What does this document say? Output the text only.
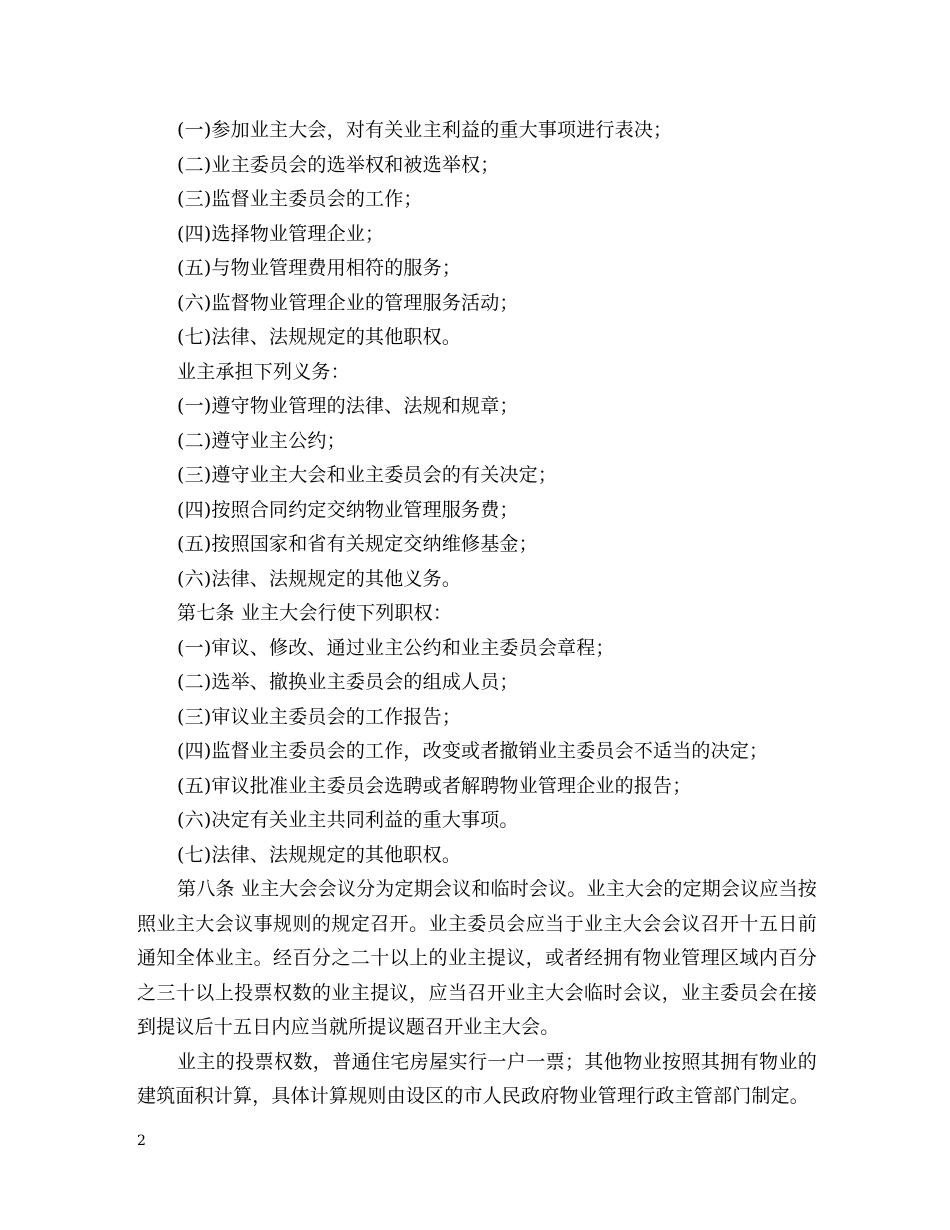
(一)参加业主大会，对有关业主利益的重大事项进行表决；
(二)业主委员会的选举权和被选举权；
(三)监督业主委员会的工作；
(四)选择物业管理企业；
(五)与物业管理费用相符的服务；
(六)监督物业管理企业的管理服务活动；
(七)法律、法规规定的其他职权。
业主承担下列义务：
(一)遵守物业管理的法律、法规和规章；
(二)遵守业主公约；
(三)遵守业主大会和业主委员会的有关决定；
(四)按照合同约定交纳物业管理服务费；
(五)按照国家和省有关规定交纳维修基金；
(六)法律、法规规定的其他义务。
第七条 业主大会行使下列职权：
(一)审议、修改、通过业主公约和业主委员会章程；
(二)选举、撤换业主委员会的组成人员；
(三)审议业主委员会的工作报告；
(四)监督业主委员会的工作，改变或者撤销业主委员会不适当的决定；
(五)审议批准业主委员会选聘或者解聘物业管理企业的报告；
(六)决定有关业主共同利益的重大事项。
(七)法律、法规规定的其他职权。

第八条 业主大会会议分为定期会议和临时会议。业主大会的定期会议应当按照业主大会议事规则的规定召开。业主委员会应当于业主大会会议召开十五日前通知全体业主。经百分之二十以上的业主提议，或者经拥有物业管理区域内百分之三十以上投票权数的业主提议，应当召开业主大会临时会议，业主委员会在接到提议后十五日内应当就所提议题召开业主大会。

业主的投票权数，普通住宅房屋实行一户一票；其他物业按照其拥有物业的建筑面积计算，具体计算规则由设区的市人民政府物业管理行政主管部门制定。

2
